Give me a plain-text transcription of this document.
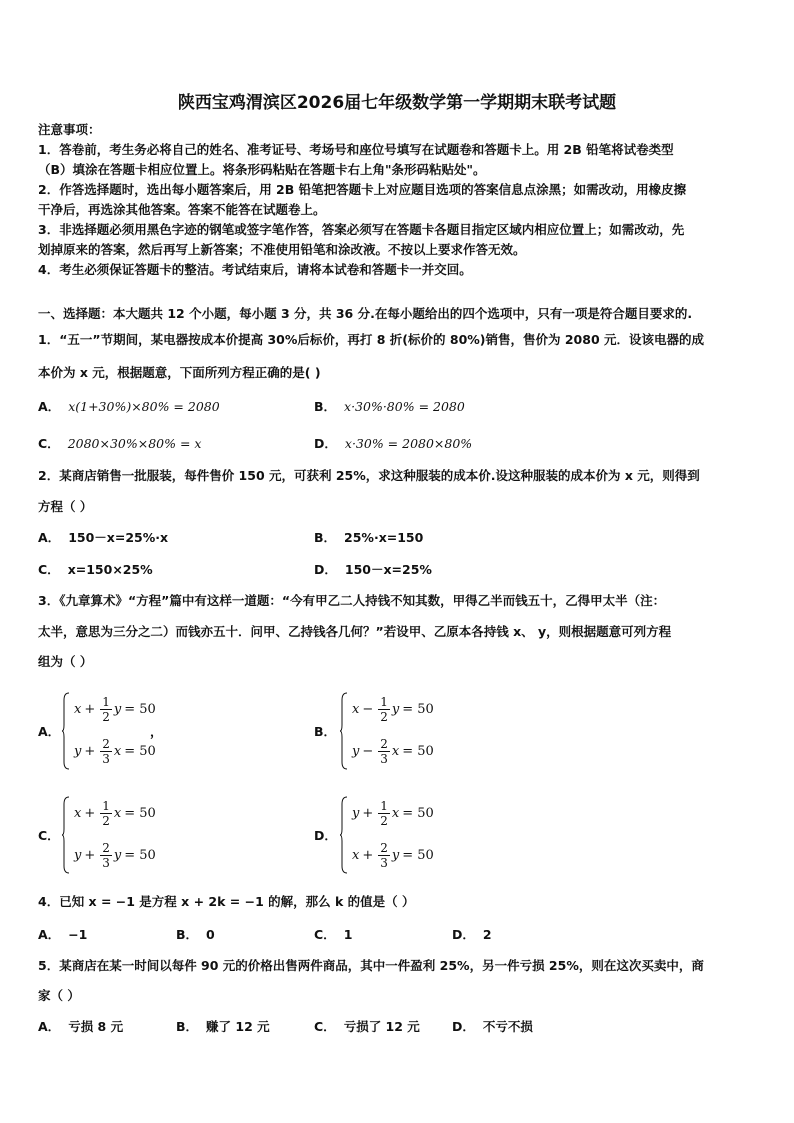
陕西宝鸡渭滨区2026届七年级数学第一学期期末联考试题
注意事项：
1．答卷前，考生务必将自己的姓名、准考证号、考场号和座位号填写在试题卷和答题卡上。用 2B 铅笔将试卷类型
（B）填涂在答题卡相应位置上。将条形码粘贴在答题卡右上角"条形码粘贴处"。
2．作答选择题时，选出每小题答案后，用 2B 铅笔把答题卡上对应题目选项的答案信息点涂黑；如需改动，用橡皮擦
干净后，再选涂其他答案。答案不能答在试题卷上。
3．非选择题必须用黑色字迹的钢笔或签字笔作答，答案必须写在答题卡各题目指定区域内相应位置上；如需改动，先
划掉原来的答案，然后再写上新答案；不准使用铅笔和涂改液。不按以上要求作答无效。
4．考生必须保证答题卡的整洁。考试结束后，请将本试卷和答题卡一并交回。
一、选择题：本大题共 12 个小题，每小题 3 分，共 36 分.在每小题给出的四个选项中，只有一项是符合题目要求的.
1．“五一”节期间，某电器按成本价提高 30%后标价，再打 8 折(标价的 80%)销售，售价为 2080 元．设该电器的成
本价为 x 元，根据题意，下面所列方程正确的是( )
A． x(1+30%)×80% = 2080	B． x·30%·80% = 2080
C． 2080×30%×80% = x	D． x·30% = 2080×80%
2．某商店销售一批服装，每件售价 150 元，可获利 25%，求这种服装的成本价.设这种服装的成本价为 x 元，则得到
方程（ ）
A． 150－x=25%·x	B． 25%·x=150
C． x=150×25%	D． 150－x=25%
3．《九章算术》“方程”篇中有这样一道题：“今有甲乙二人持钱不知其数，甲得乙半而钱五十，乙得甲太半（注：
太半，意思为三分之二）而钱亦五十．问甲、乙持钱各几何？”若设甲、乙原本各持钱 x、 y，则根据题意可列方程
组为（ ）
A．
$x + \frac{1}{2}$ y = 50
$y + \frac{2}{3}$ x = 50
，	B．
$x - \frac{1}{2}$ y = 50
$y - \frac{2}{3}$ x = 50
C．
$x + \frac{1}{2}$ x = 50
$y + \frac{2}{3}$ y = 50
D．
$y + \frac{1}{2}$ x = 50
$x + \frac{2}{3}$ y = 50
4．已知 x = −1 是方程 x + 2k = −1 的解，那么 k 的值是（ ）
A． −1	B． 0	C． 1	D． 2
5．某商店在某一时间以每件 90 元的价格出售两件商品，其中一件盈利 25%，另一件亏损 25%，则在这次买卖中，商
家（ ）
A． 亏损 8 元	B． 赚了 12 元	C． 亏损了 12 元	D． 不亏不损
